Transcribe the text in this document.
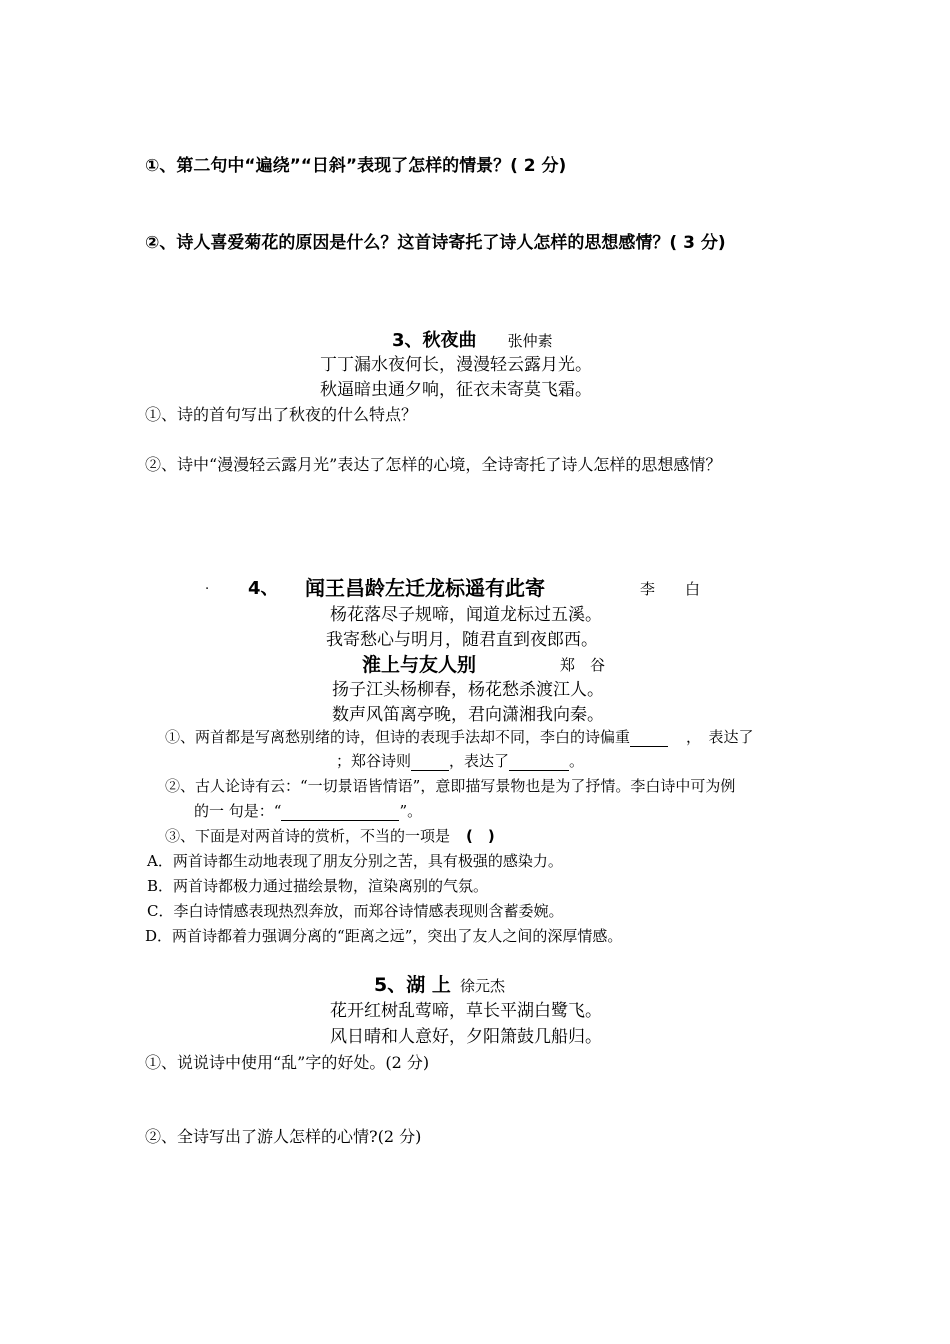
①、第二句中“遍绕”“日斜”表现了怎样的情景？( 2 分)
②、诗人喜爱菊花的原因是什么？这首诗寄托了诗人怎样的思想感情？( 3 分)
3、秋夜曲 张仲素
丁丁漏水夜何长，漫漫轻云露月光。
秋逼暗虫通夕响，征衣未寄莫飞霜。
①、诗的首句写出了秋夜的什么特点？
②、诗中“漫漫轻云露月光”表达了怎样的心境，全诗寄托了诗人怎样的思想感情？
. 4、 闻王昌龄左迁龙标遥有此寄	李　　白
杨花落尽子规啼，闻道龙标过五溪。
我寄愁心与明月，随君直到夜郎西。
淮上与友人别	郑　谷
扬子江头杨柳春，杨花愁杀渡江人。
数声风笛离亭晚，君向潇湘我向秦。
①、两首都是写离愁别绪的诗，但诗的表现手法却不同，李白的诗偏重	，　表达了
；郑谷诗则	，表达了	。
②、古人论诗有云：“一切景语皆情语”，意即描写景物也是为了抒情。李白诗中可为例
的一 句是：“	”。
③、下面是对两首诗的赏析，不当的一项是 (　)
A．两首诗都生动地表现了朋友分别之苦，具有极强的感染力。
B．两首诗都极力通过描绘景物，渲染离别的气氛。
C．李白诗情感表现热烈奔放，而郑谷诗情感表现则含蓄委婉。
D．两首诗都着力强调分离的“距离之远”，突出了友人之间的深厚情感。
5、湖 上 徐元杰
花开红树乱莺啼，草长平湖白鹭飞。
风日晴和人意好，夕阳箫鼓几船归。
①、说说诗中使用“乱”字的好处。(2 分)
②、全诗写出了游人怎样的心情?(2 分)
